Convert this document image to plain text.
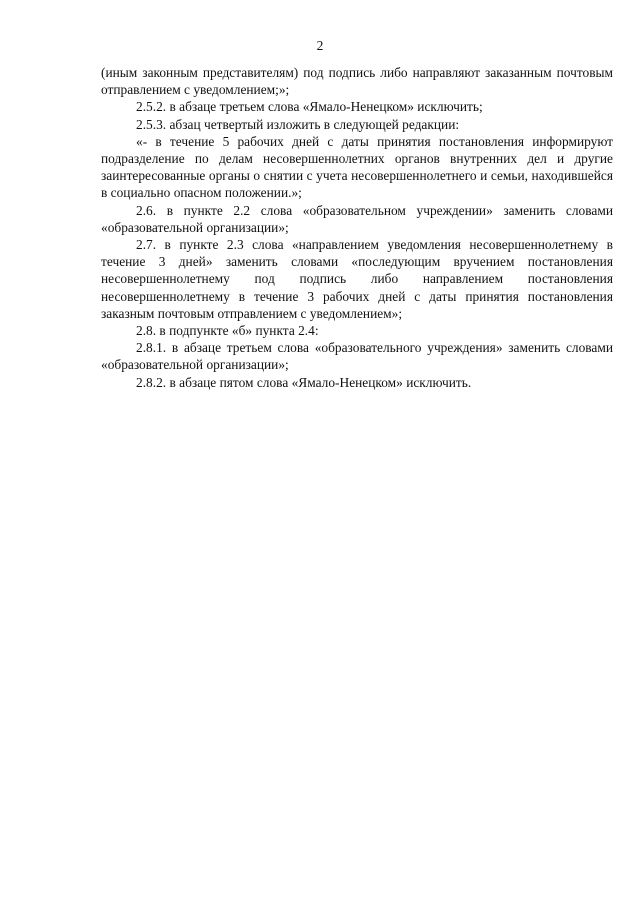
2

(иным законным представителям) под подпись либо направляют заказанным почтовым отправлением с уведомлением;»;

2.5.2. в абзаце третьем слова «Ямало-Ненецком» исключить;

2.5.3. абзац четвертый изложить в следующей редакции:

«- в течение 5 рабочих дней с даты принятия постановления информируют подразделение по делам несовершеннолетних органов внутренних дел и другие заинтересованные органы о снятии с учета несовершеннолетнего и семьи, находившейся в социально опасном положении.»;

2.6. в пункте 2.2 слова «образовательном учреждении» заменить словами «образовательной организации»;

2.7. в пункте 2.3 слова «направлением уведомления несовершеннолетнему в течение 3 дней» заменить словами «последующим вручением постановления несовершеннолетнему под подпись либо направлением постановления несовершеннолетнему в течение 3 рабочих дней с даты принятия постановления заказным почтовым отправлением с уведомлением»;

2.8. в подпункте «б» пункта 2.4:

2.8.1. в абзаце третьем слова «образовательного учреждения» заменить словами «образовательной организации»;

2.8.2. в абзаце пятом слова «Ямало-Ненецком» исключить.
